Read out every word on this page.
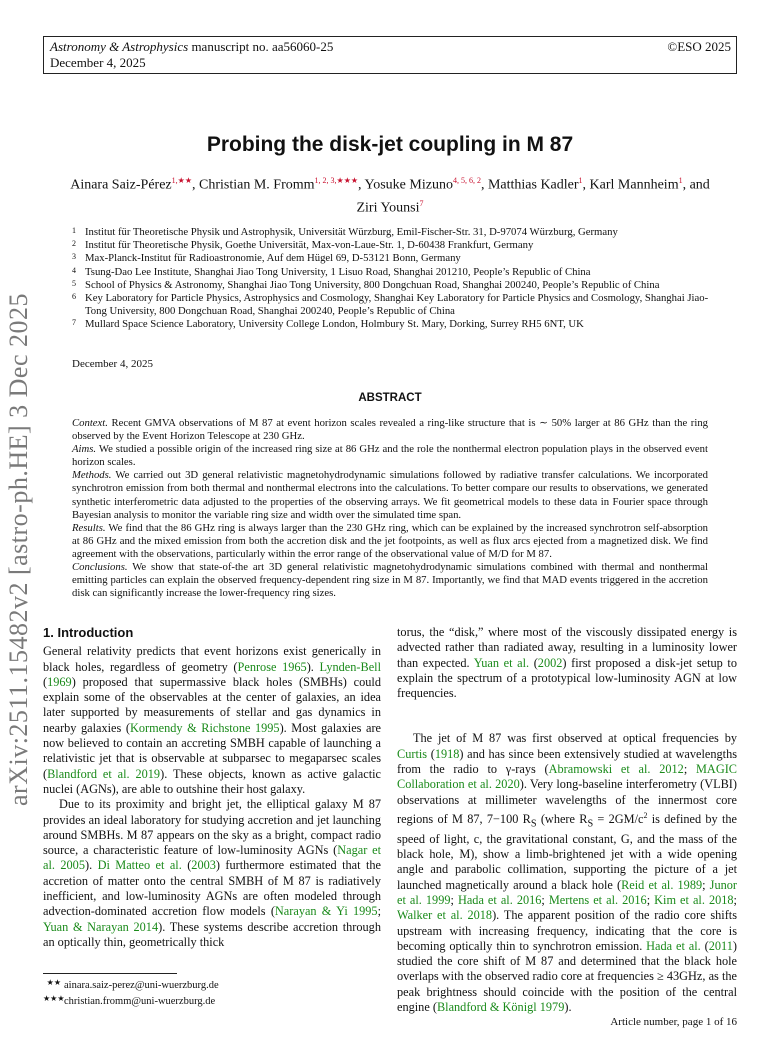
Astronomy & Astrophysics manuscript no. aa56060-25
December 4, 2025
©ESO 2025
arXiv:2511.15482v2 [astro-ph.HE] 3 Dec 2025
Probing the disk-jet coupling in M 87
Ainara Saiz-Pérez$^{1,★★}$, Christian M. Fromm$^{1, 2, 3,★★★}$, Yosuke Mizuno$^{4, 5, 6, 2}$, Matthias Kadler$^1$, Karl Mannheim$^1$, and
Ziri Younsi$^7$
1 Institut für Theoretische Physik und Astrophysik, Universität Würzburg, Emil-Fischer-Str. 31, D-97074 Würzburg, Germany
2 Institut für Theoretische Physik, Goethe Universität, Max-von-Laue-Str. 1, D-60438 Frankfurt, Germany
3 Max-Planck-Institut für Radioastronomie, Auf dem Hügel 69, D-53121 Bonn, Germany
4 Tsung-Dao Lee Institute, Shanghai Jiao Tong University, 1 Lisuo Road, Shanghai 201210, People’s Republic of China
5 School of Physics & Astronomy, Shanghai Jiao Tong University, 800 Dongchuan Road, Shanghai 200240, People’s Republic of China
6 Key Laboratory for Particle Physics, Astrophysics and Cosmology, Shanghai Key Laboratory for Particle Physics and Cosmology, Shanghai Jiao-Tong University, 800 Dongchuan Road, Shanghai 200240, People’s Republic of China
7 Mullard Space Science Laboratory, University College London, Holmbury St. Mary, Dorking, Surrey RH5 6NT, UK
December 4, 2025
ABSTRACT

Context. Recent GMVA observations of M 87 at event horizon scales revealed a ring-like structure that is ∼ 50% larger at 86 GHz than the ring observed by the Event Horizon Telescope at 230 GHz.

Aims. We studied a possible origin of the increased ring size at 86 GHz and the role the nonthermal electron population plays in the observed event horizon scales.

Methods. We carried out 3D general relativistic magnetohydrodynamic simulations followed by radiative transfer calculations. We incorporated synchrotron emission from both thermal and nonthermal electrons into the calculations. To better compare our results to observations, we generated synthetic interferometric data adjusted to the properties of the observing arrays. We fit geometrical models to these data in Fourier space through Bayesian analysis to monitor the variable ring size and width over the simulated time span.

Results. We find that the 86 GHz ring is always larger than the 230 GHz ring, which can be explained by the increased synchrotron self-absorption at 86 GHz and the mixed emission from both the accretion disk and the jet footpoints, as well as flux arcs ejected from a magnetized disk. We find agreement with the observations, particularly within the error range of the observational value of M/D for M 87.

Conclusions. We show that state-of-the art 3D general relativistic magnetohydrodynamic simulations combined with thermal and nonthermal emitting particles can explain the observed frequency-dependent ring size in M 87. Importantly, we find that MAD events triggered in the accretion disk can significantly increase the lower-frequency ring sizes.

1. Introduction

General relativity predicts that event horizons exist generically in black holes, regardless of geometry (Penrose 1965). Lynden-Bell (1969) proposed that supermassive black holes (SMBHs) could explain some of the observables at the center of galaxies, an idea later supported by measurements of stellar and gas dynamics in nearby galaxies (Kormendy & Richstone 1995). Most galaxies are now believed to contain an accreting SMBH capable of launching a relativistic jet that is observable at subparsec to megaparsec scales (Blandford et al. 2019). These objects, known as active galactic nuclei (AGNs), are able to outshine their host galaxy.

Due to its proximity and bright jet, the elliptical galaxy M 87 provides an ideal laboratory for studying accretion and jet launching around SMBHs. M 87 appears on the sky as a bright, compact radio source, a characteristic feature of low-luminosity AGNs (Nagar et al. 2005). Di Matteo et al. (2003) furthermore estimated that the accretion of matter onto the central SMBH of M 87 is radiatively inefficient, and low-luminosity AGNs are often modeled through advection-dominated accretion flow models (Narayan & Yi 1995; Yuan & Narayan 2014). These systems describe accretion through an optically thin, geometrically thick

torus, the “disk,” where most of the viscously dissipated energy is advected rather than radiated away, resulting in a luminosity lower than expected. Yuan et al. (2002) first proposed a disk-jet setup to explain the spectrum of a prototypical low-luminosity AGN at low frequencies.

The jet of M 87 was first observed at optical frequencies by Curtis (1918) and has since been extensively studied at wavelengths from the radio to γ-rays (Abramowski et al. 2012; MAGIC Collaboration et al. 2020). Very long-baseline interferometry (VLBI) observations at millimeter wavelengths of the innermost core regions of M 87, 7−100 $R_S$ (where $R_S = 2GM/c^2$ is defined by the speed of light, c, the gravitational constant, G, and the mass of the black hole, M), show a limb-brightened jet with a wide opening angle and parabolic collimation, supporting the picture of a jet launched magnetically around a black hole (Reid et al. 1989; Junor et al. 1999; Hada et al. 2016; Mertens et al. 2016; Kim et al. 2018; Walker et al. 2018). The apparent position of the radio core shifts upstream with increasing frequency, indicating that the core is becoming optically thin to synchrotron emission. Hada et al. (2011) studied the core shift of M 87 and determined that the black hole overlaps with the observed radio core at frequencies ≥ 43GHz, as the peak brightness should coincide with the position of the central engine (Blandford & Königl 1979).

★★ ainara.saiz-perez@uni-wuerzburg.de
★★★christian.fromm@uni-wuerzburg.de
Article number, page 1 of 16
